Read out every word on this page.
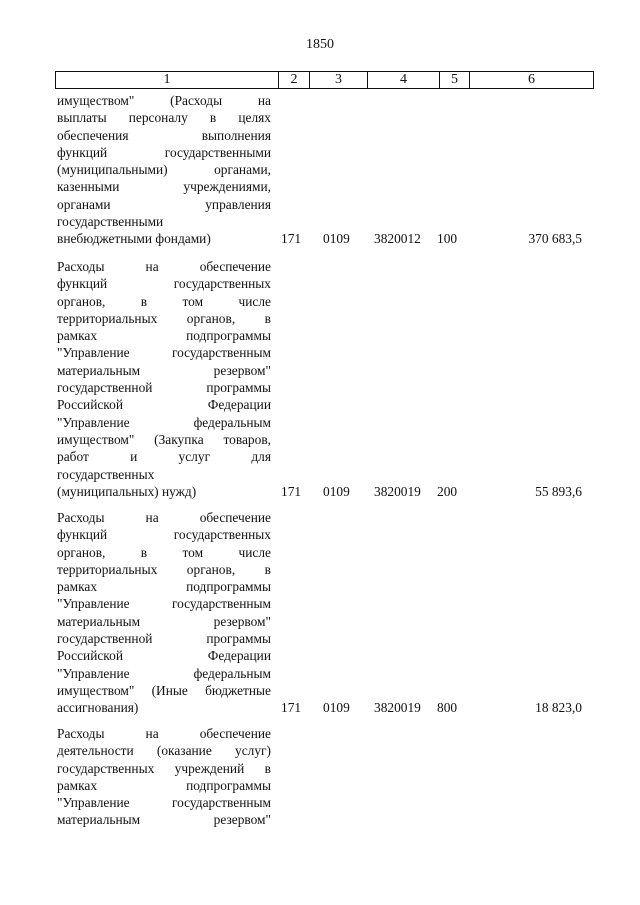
1850
1	2	3	4	5	6
имуществом" (Расходы на
выплаты персоналу в целях
обеспечения выполнения
функций государственными
(муниципальными) органами,
казенными учреждениями,
органами управления
государственными
внебюджетными фондами)	171 0109 3820012 100	370 683,5
Расходы на обеспечение
функций государственных
органов, в том числе
территориальных органов, в
рамках подпрограммы
"Управление государственным
материальным резервом"
государственной программы
Российской Федерации
"Управление федеральным
имуществом" (Закупка товаров,
работ и услуг для
государственных
(муниципальных) нужд)	171 0109 3820019 200	55 893,6
Расходы на обеспечение
функций государственных
органов, в том числе
территориальных органов, в
рамках подпрограммы
"Управление государственным
материальным резервом"
государственной программы
Российской Федерации
"Управление федеральным
имуществом" (Иные бюджетные
ассигнования)	171 0109 3820019 800	18 823,0
Расходы на обеспечение
деятельности (оказание услуг)
государственных учреждений в
рамках подпрограммы
"Управление государственным
материальным резервом"
